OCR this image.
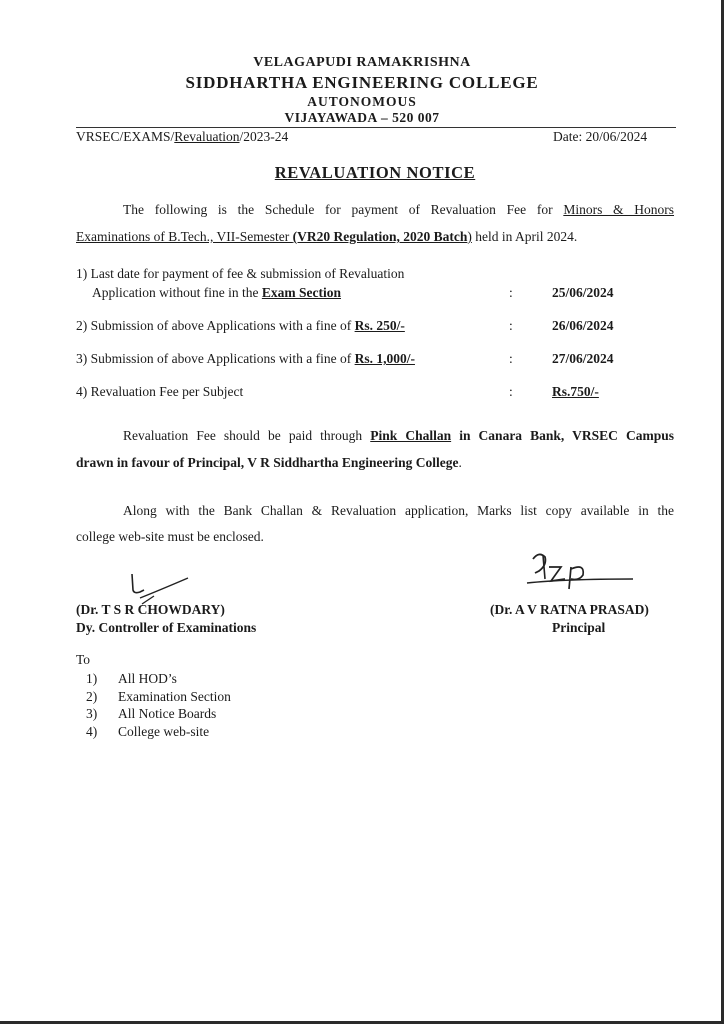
VELAGAPUDI RAMAKRISHNA
SIDDHARTHA ENGINEERING COLLEGE
AUTONOMOUS
VIJAYAWADA – 520 007
VRSEC/EXAMS/Revaluation/2023-24	Date: 20/06/2024
REVALUATION NOTICE
The following is the Schedule for payment of Revaluation Fee for Minors & Honors
Examinations of B.Tech., VII-Semester (VR20 Regulation, 2020 Batch) held in April 2024.
1) Last date for payment of fee & submission of Revaluation
Application without fine in the Exam Section	:	25/06/2024
2) Submission of above Applications with a fine of Rs. 250/-	:	26/06/2024
3) Submission of above Applications with a fine of Rs. 1,000/-	:	27/06/2024
4) Revaluation Fee per Subject	:	Rs.750/-
Revaluation Fee should be paid through Pink Challan in Canara Bank, VRSEC Campus
drawn in favour of Principal, V R Siddhartha Engineering College.
Along with the Bank Challan & Revaluation application, Marks list copy available in the
college web-site must be enclosed.
(Dr. T S R CHOWDARY)
Dy. Controller of Examinations
(Dr. A V RATNA PRASAD)
Principal
To
1) All HOD’s
2) Examination Section
3) All Notice Boards
4) College web-site
